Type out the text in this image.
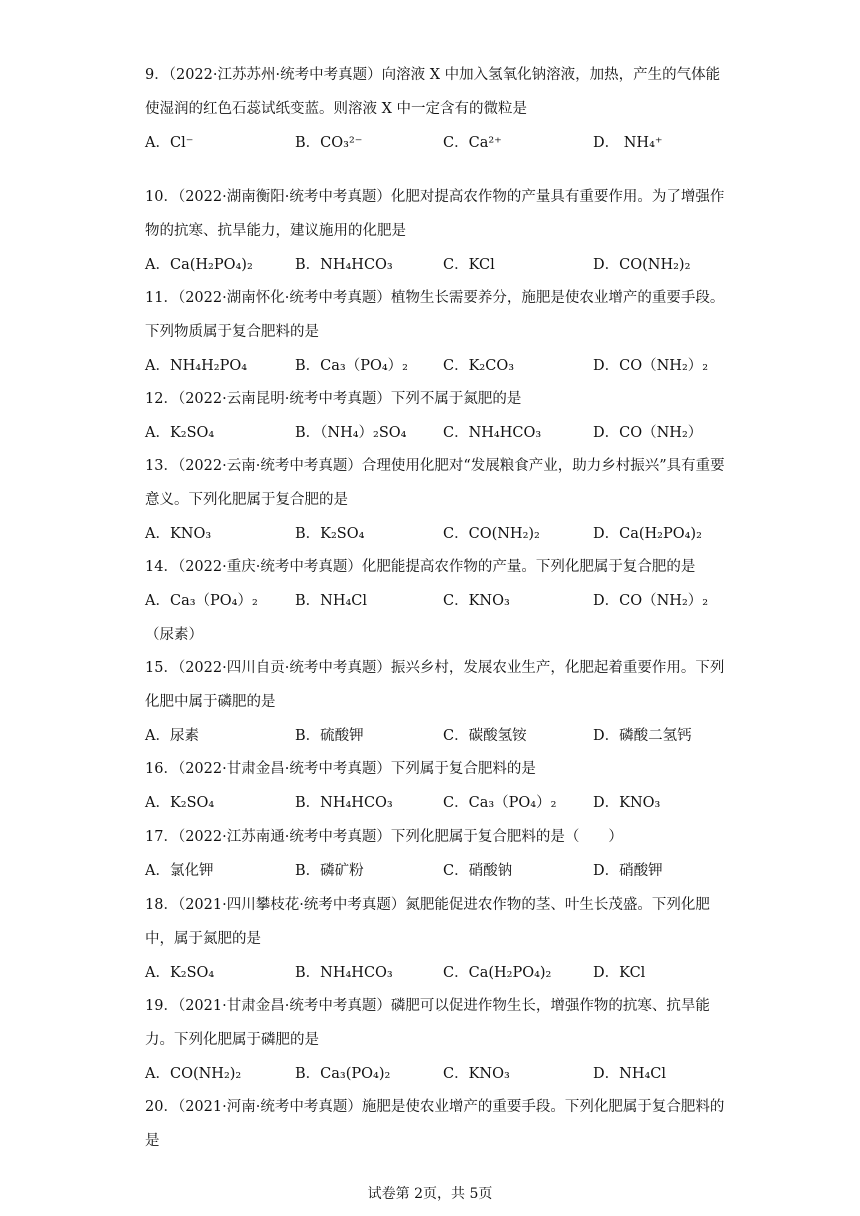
9．（2022·江苏苏州·统考中考真题）向溶液 X 中加入氢氧化钠溶液，加热，产生的气体能使湿润的红色石蕊试纸变蓝。则溶液 X 中一定含有的微粒是

A．Cl⁻	B．CO₃²⁻	C．Ca²⁺	D． NH₄⁺

10．（2022·湖南衡阳·统考中考真题）化肥对提高农作物的产量具有重要作用。为了增强作物的抗寒、抗旱能力，建议施用的化肥是

A．Ca(H₂PO₄)₂	B．NH₄HCO₃	C．KCl	D．CO(NH₂)₂

11．（2022·湖南怀化·统考中考真题）植物生长需要养分，施肥是使农业增产的重要手段。下列物质属于复合肥料的是

A．NH₄H₂PO₄	B．Ca₃（PO₄）₂ C．K₂CO₃	D．CO（NH₂）₂

12．（2022·云南昆明·统考中考真题）下列不属于氮肥的是

A．K₂SO₄	B．（NH₄）₂SO₄	C．NH₄HCO₃	D．CO（NH₂）

13．（2022·云南·统考中考真题）合理使用化肥对“发展粮食产业，助力乡村振兴”具有重要意义。下列化肥属于复合肥的是

A．KNO₃	B．K₂SO₄	C．CO(NH₂)₂	D．Ca(H₂PO₄)₂

14．（2022·重庆·统考中考真题）化肥能提高农作物的产量。下列化肥属于复合肥的是

A．Ca₃（PO₄）₂	B．NH₄Cl	C．KNO₃	D．CO（NH₂）₂
（尿素）

15．（2022·四川自贡·统考中考真题）振兴乡村，发展农业生产，化肥起着重要作用。下列化肥中属于磷肥的是

A．尿素	B．硫酸钾	C．碳酸氢铵	D．磷酸二氢钙

16．（2022·甘肃金昌·统考中考真题）下列属于复合肥料的是

A．K₂SO₄	B．NH₄HCO₃	C．Ca₃（PO₄）₂	D．KNO₃

17．（2022·江苏南通·统考中考真题）下列化肥属于复合肥料的是（　　）

A．氯化钾	B．磷矿粉	C．硝酸钠	D．硝酸钾

18．（2021·四川攀枝花·统考中考真题）氮肥能促进农作物的茎、叶生长茂盛。下列化肥中，属于氮肥的是

A．K₂SO₄	B．NH₄HCO₃	C．Ca(H₂PO₄)₂	D．KCl

19．（2021·甘肃金昌·统考中考真题）磷肥可以促进作物生长，增强作物的抗寒、抗旱能力。下列化肥属于磷肥的是

A．CO(NH₂)₂	B．Ca₃(PO₄)₂	C．KNO₃	D．NH₄Cl

20．（2021·河南·统考中考真题）施肥是使农业增产的重要手段。下列化肥属于复合肥料的是

试卷第 2页，共 5页
